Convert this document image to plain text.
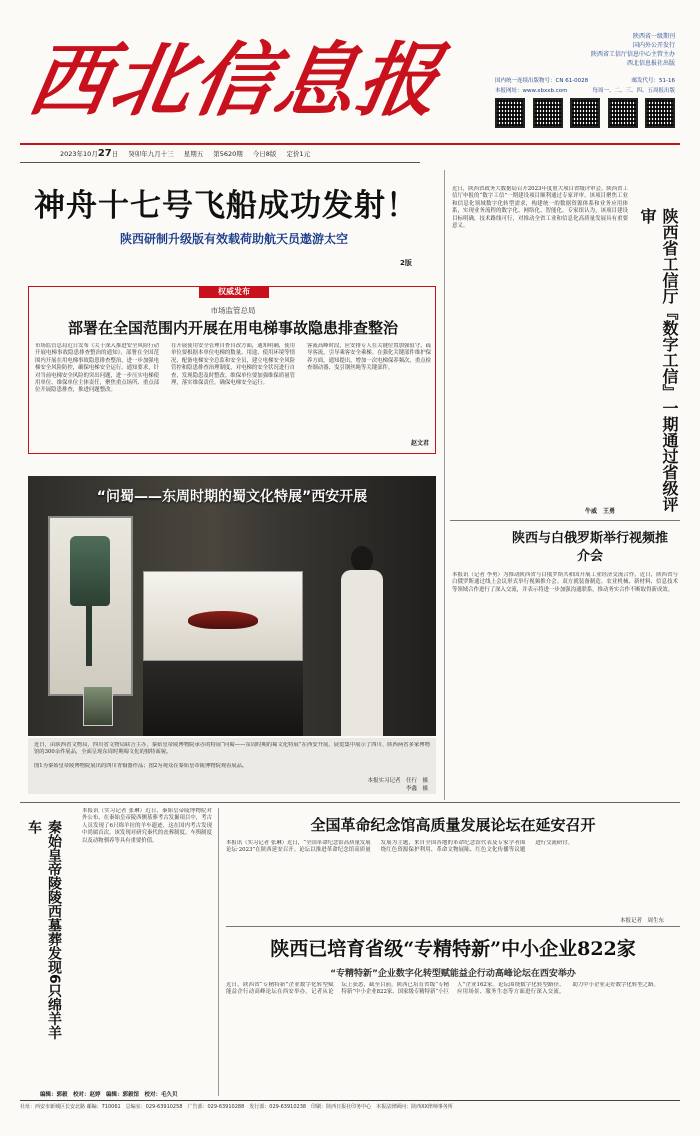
西北信息报	陕西省一级期刊
国内外公开发行
陕西省工信厅信息中心主管主办
西北信息报社出版
国内统一连续出版物号：CN 61-0028	邮发代号：51-16
本报网址：www.xbxxb.com	每周一、二、三、四、五周报出版
2023年10月27日 癸卯年九月十三 星期五 第5620期 今日8版 定价1元
神舟十七号飞船成功发射！
陕西研制升级版有效载荷助航天员遨游太空
2版
权威发布
市场监管总局
部署在全国范围内开展在用电梯事故隐患排查整治
市场监管总局近日发布《关于深入推进安全风险行动 开展电梯事故隐患排查整治的通知》，部署在全国范围内开展在用电梯事故隐患排查整治，进一步加强电梯安全风险防控，确保电梯安全运行。通知要求，针对当前电梯安全风险的突出问题，进一步压实电梯使用单位、维保单位主体责任，聚焦重点场所、重点部位开展隐患排查，推进问题整改。
在开展使用安全管理自查自改方面，通知明确，使用单位要根据本单位电梯的数量、用途、使用环境等情况，配备电梯安全总监和安全员，建立电梯安全风险管控和隐患排查治理制度，对电梯的安全状况进行自查，发现隐患及时整改。维保单位要加强维保质量管理，落实维保责任，确保电梯安全运行。
客流高峰时段，应安排专人在关键位置加强值守，疏导客流，引导乘客安全乘梯。在强化关键部件维护保养方面，通知提出，增加一次电梯保养频次，重点检查制动器、曳引钢丝绳等关键部件。
赵文君
“问蜀——东周时期的蜀文化特展”西安开展
近日，由陕西省文物局、四川省文物局联合主办，秦始皇帝陵博物院承办的特展“问蜀——东周时期的蜀文化特展”在西安开展，展览集中展示了四川、陕西两省多家博物馆的300余件展品，全面呈现东周时期蜀文化的独特面貌。
图1为秦始皇帝陵博物院展出的四川青铜器作品；图2为观众在秦始皇帝陵博物院观看展品。
本报实习记者　任行　摄
李鑫　摄
近日，陕西省政务大数据局召开2023年度重大项目省级评审会，陕西省工信厅申报的“数字工信”一期建设项目顺利通过专家评审。该项目聚焦工业和信息化领域数字化转型需求，构建统一的数据资源体系和业务应用体系，实现业务流程的数字化、网络化、智能化。专家组认为，该项目建设目标明确，技术路线可行，对推动全省工业和信息化高质量发展具有重要意义。	陕西省工信厅『数字工信』一期通过省级评审
牛威　王勇
陕西与白俄罗斯举行视频推介会
本报讯（记者 李勇）为推动陕西省与白俄罗斯共和国开展工业经济交流合作，近日，陕西省与白俄罗斯通过线上会议形式举行视频推介会。双方就装备制造、农业机械、新材料、信息技术等领域合作进行了深入交流，并表示将进一步加强沟通联系，推动务实合作不断取得新成效。
秦始皇帝陵陵西墓葬发现6只绵羊羊车
本报讯（实习记者 张琳）近日，秦始皇帝陵博物院对外公布，在秦始皇帝陵西侧墓葬考古发掘项目中，考古人员发现了6只绵羊拉的羊车遗迹，这在国内考古发现中尚属首次。该发现对研究秦代的丧葬制度、车舆制度以及动物驯养等具有重要价值。
编辑：郭毅　校对：赵婷　编辑：郭毅馆　校对：毛久贝
全国革命纪念馆高质量发展论坛在延安召开
本报讯（实习记者 张琳）近日，“全国革命纪念馆高质量发展论坛·2023”在陕西延安召开。论坛以推进革命纪念馆高质量发展为主题，来自全国各地的革命纪念馆代表及专家学者围绕红色资源保护利用、革命文物展陈、红色文化传播等议题进行交流研讨。
本报记者　周生东
陕西已培育省级“专精特新”中小企业822家
“专精特新”企业数字化转型赋能益企行动高峰论坛在西安举办
近日，陕西省“专精特新”企业数字化转型赋能益企行动高峰论坛在西安举办。记者从论坛上获悉，截至目前，陕西已培育省级“专精特新”中小企业822家、国家级专精特新“小巨人”企业162家。论坛围绕数字化转型路径、应用场景、服务生态等方面进行深入交流，助力中小企业走好数字化转型之路。
社址：西安市新城区长安北路 邮编：710061　总编室：029-63910258　广告部：029-63910288　发行部：029-63910238　印刷：陕西日报社印务中心　本报法律顾问：陕西XX律师事务所
